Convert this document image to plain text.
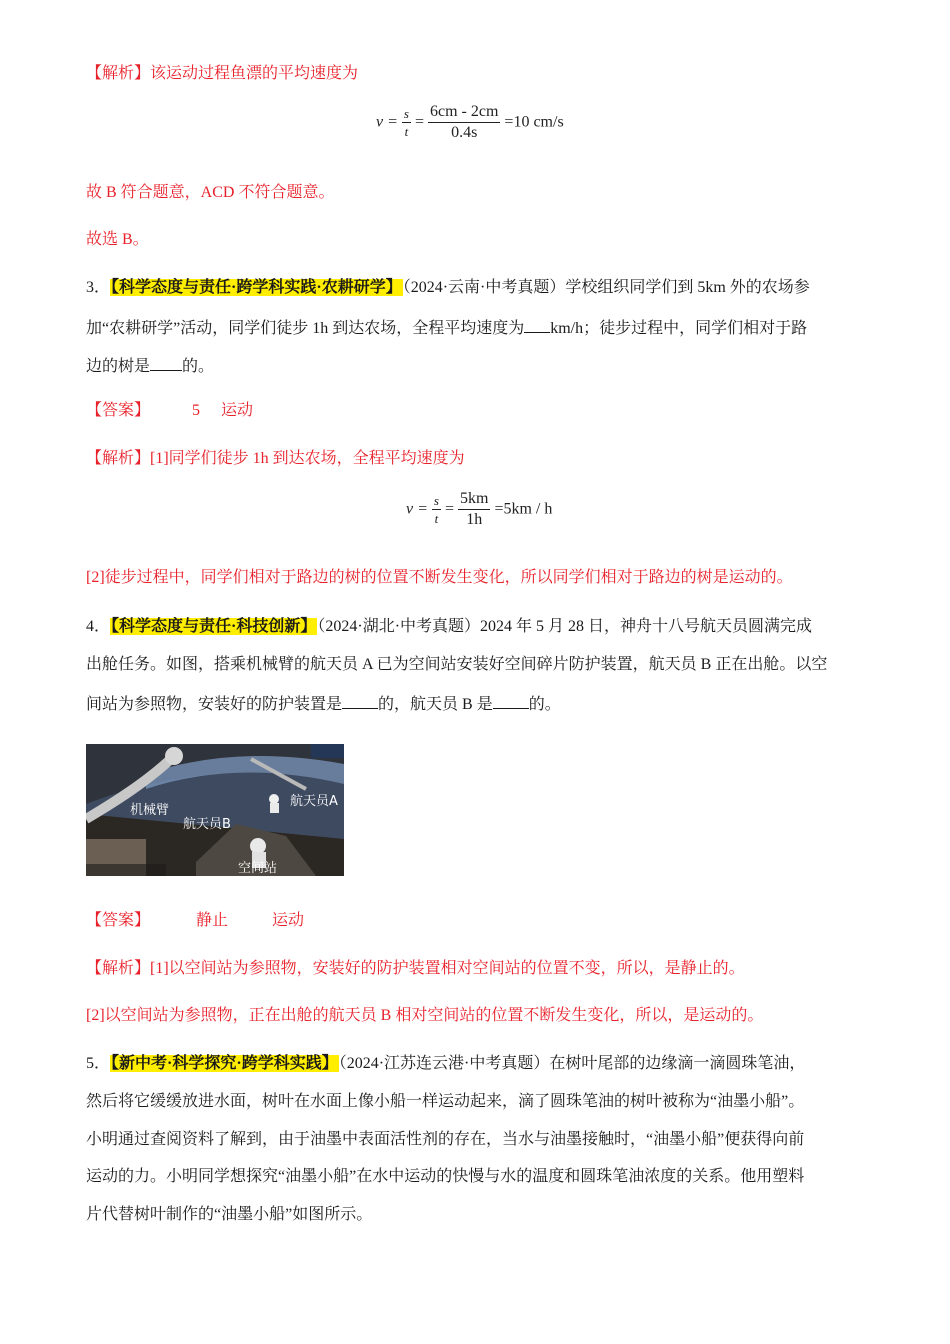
【解析】该运动过程鱼漂的平均速度为
$v = \frac{s}{t} = \frac{6cm - 2cm}{0.4s} =10$ cm/s
故 B 符合题意，ACD 不符合题意。
故选 B。
3．【科学态度与责任·跨学科实践·农耕研学】（2024·云南·中考真题）学校组织同学们到 5km 外的农场参
加“农耕研学”活动，同学们徒步 1h 到达农场，全程平均速度为 km/h；徒步过程中，同学们相对于路
边的树是 的。
【答案】	5 运动
【解析】[1]同学们徒步 1h 到达农场，全程平均速度为
$v = \frac{s}{t} = \frac{5km}{1h} =5km / h$
[2]徒步过程中，同学们相对于路边的树的位置不断发生变化，所以同学们相对于路边的树是运动的。
4．【科学态度与责任·科技创新】（2024·湖北·中考真题）2024 年 5 月 28 日，神舟十八号航天员圆满完成
出舱任务。如图，搭乘机械臂的航天员 A 已为空间站安装好空间碎片防护装置，航天员 B 正在出舱。以空
间站为参照物，安装好的防护装置是 的，航天员 B 是 的。
机械臂
航天员A
航天员B
空间站
【答案】	静止	运动
【解析】[1]以空间站为参照物，安装好的防护装置相对空间站的位置不变，所以，是静止的。
[2]以空间站为参照物，正在出舱的航天员 B 相对空间站的位置不断发生变化，所以，是运动的。
5．【新中考·科学探究·跨学科实践】（2024·江苏连云港·中考真题）在树叶尾部的边缘滴一滴圆珠笔油，
然后将它缓缓放进水面，树叶在水面上像小船一样运动起来，滴了圆珠笔油的树叶被称为“油墨小船”。
小明通过查阅资料了解到，由于油墨中表面活性剂的存在，当水与油墨接触时，“油墨小船”便获得向前
运动的力。小明同学想探究“油墨小船”在水中运动的快慢与水的温度和圆珠笔油浓度的关系。他用塑料
片代替树叶制作的“油墨小船”如图所示。
